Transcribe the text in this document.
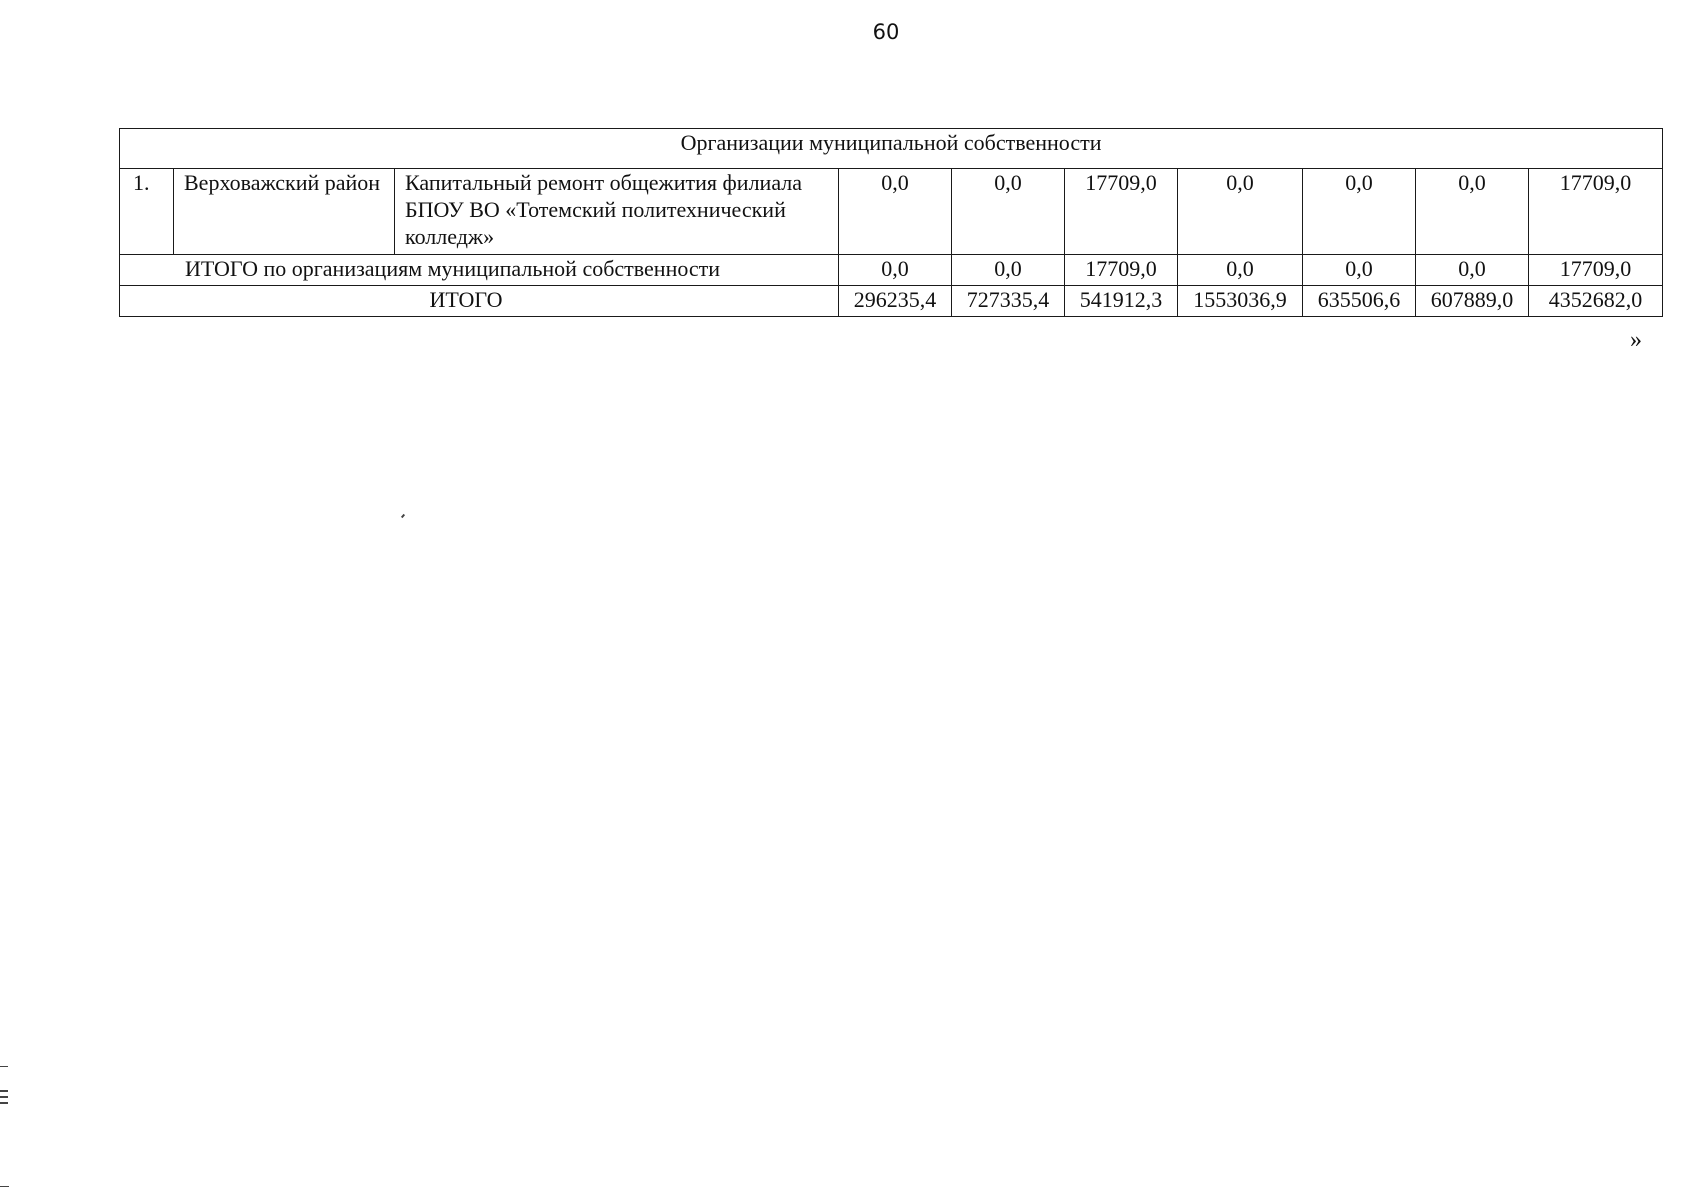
60
Организации муниципальной собственности									
1.	Верховажский район	Капитальный ремонт общежития филиала БПОУ ВО «Тотемский политехнический колледж»	0,0	0,0	17709,0	0,0	0,0	0,0	17709,0
ИТОГО по организациям муниципальной собственности			0,0	0,0	17709,0	0,0	0,0	0,0	17709,0
ИТОГО			296235,4	727335,4	541912,3	1553036,9	635506,6	607889,0	4352682,0
»
